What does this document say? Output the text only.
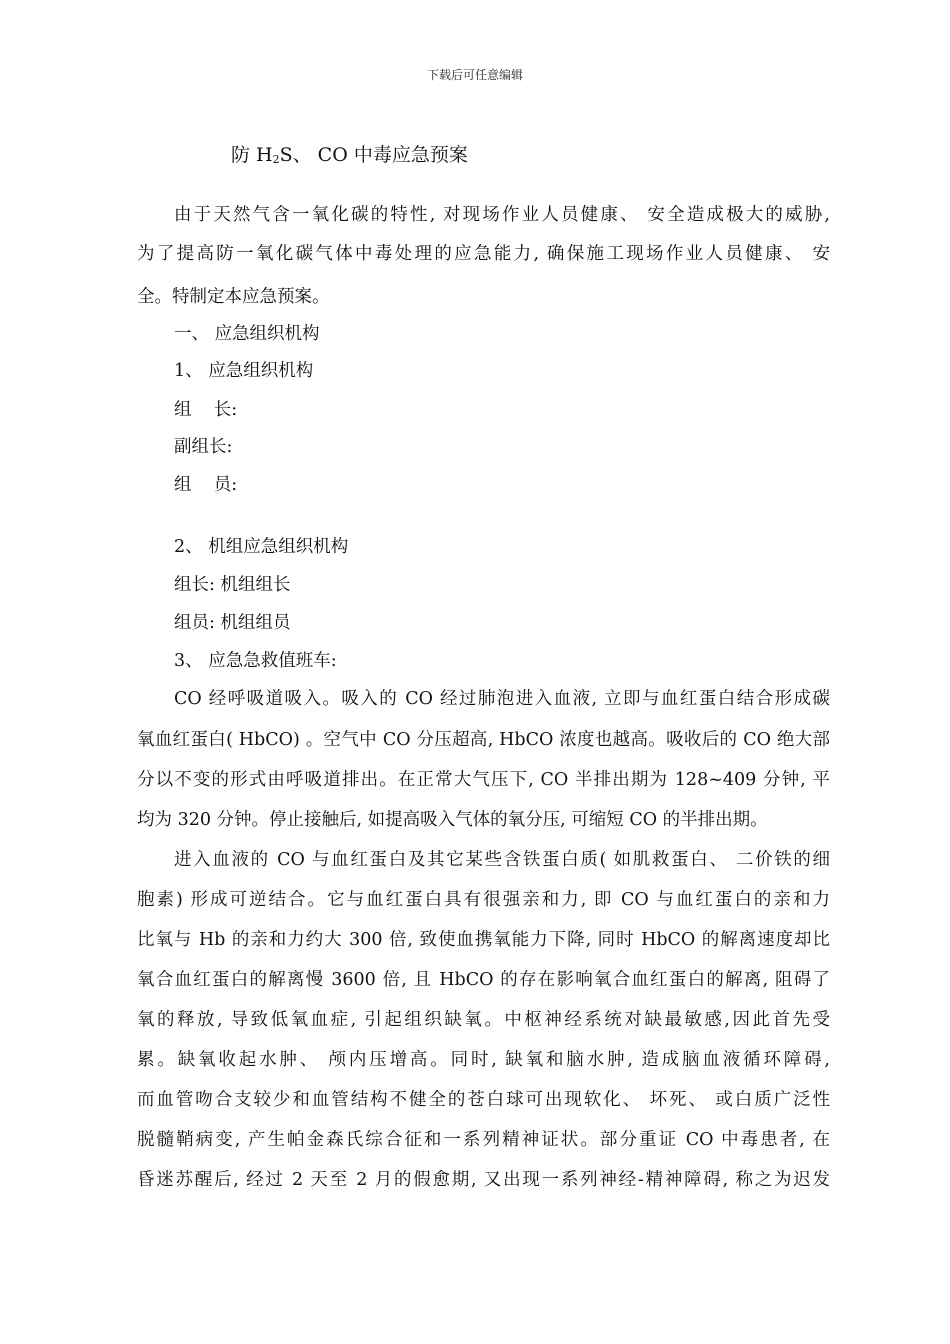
下载后可任意编辑
防 $H_2S$、 CO 中毒应急预案
由于天然气含一氧化碳的特性, 对现场作业人员健康、 安全造成极大的威胁,
为了提高防一氧化碳气体中毒处理的应急能力, 确保施工现场作业人员健康、 安
全。特制定本应急预案。
一、 应急组织机构
1、 应急组织机构
组    长:
副组长:
组    员:
2、 机组应急组织机构
组长: 机组组长
组员: 机组组员
3、 应急急救值班车:
CO 经呼吸道吸入。吸入的 CO 经过肺泡进入血液, 立即与血红蛋白结合形成碳
氧血红蛋白( HbCO) 。空气中 CO 分压超高, HbCO 浓度也越高。吸收后的 CO 绝大部
分以不变的形式由呼吸道排出。在正常大气压下, CO 半排出期为 128~409 分钟, 平
均为 320 分钟。停止接触后, 如提高吸入气体的氧分压, 可缩短 CO 的半排出期。
进入血液的 CO 与血红蛋白及其它某些含铁蛋白质( 如肌救蛋白、 二价铁的细
胞素) 形成可逆结合。它与血红蛋白具有很强亲和力, 即 CO 与血红蛋白的亲和力
比氧与 Hb 的亲和力约大 300 倍, 致使血携氧能力下降, 同时 HbCO 的解离速度却比
氧合血红蛋白的解离慢 3600 倍, 且 HbCO 的存在影响氧合血红蛋白的解离, 阻碍了
氧的释放, 导致低氧血症, 引起组织缺氧。中枢神经系统对缺最敏感,因此首先受
累。缺氧收起水肿、 颅内压增高。同时, 缺氧和脑水肿, 造成脑血液循环障碍,
而血管吻合支较少和血管结构不健全的苍白球可出现软化、 坏死、 或白质广泛性
脱髓鞘病变, 产生帕金森氏综合征和一系列精神证状。部分重证 CO 中毒患者, 在
昏迷苏醒后, 经过 2 天至 2 月的假愈期, 又出现一系列神经-精神障碍, 称之为迟发
